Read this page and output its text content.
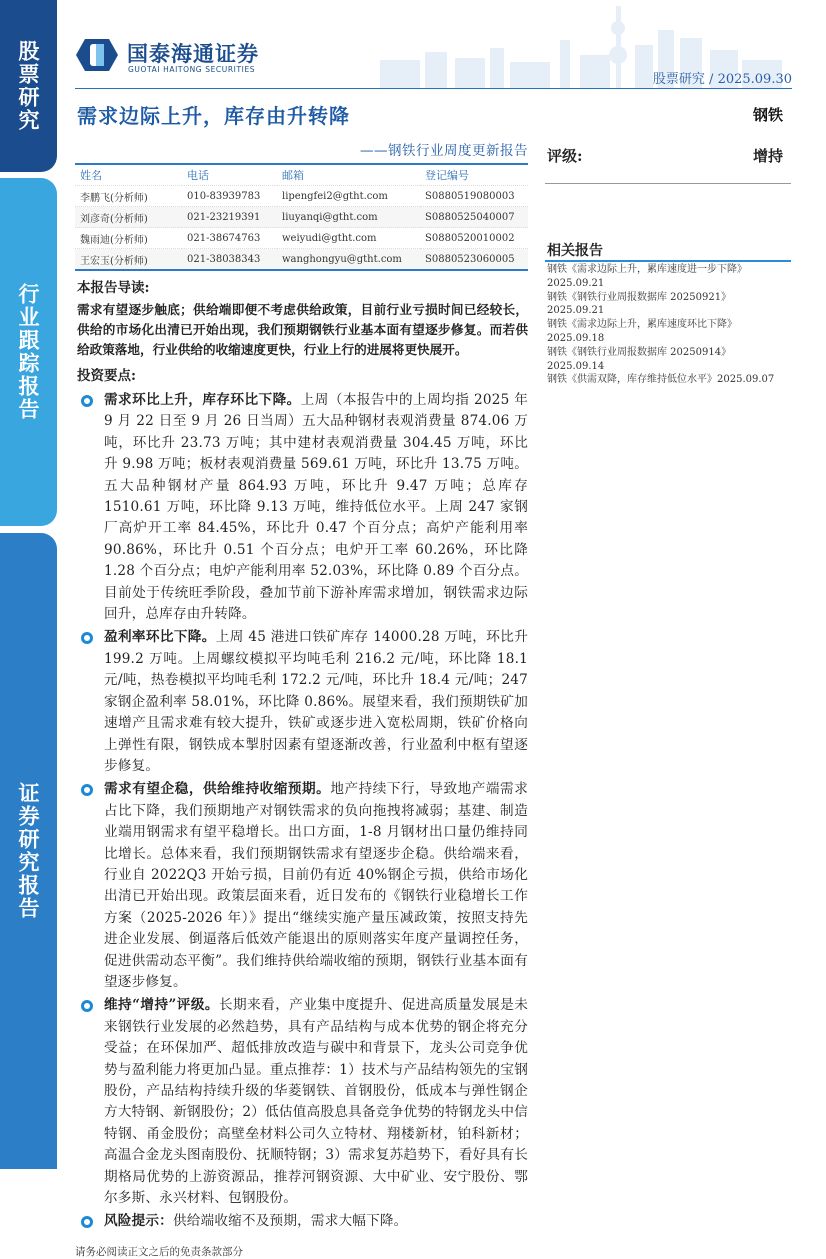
股票研究
行业跟踪报告
证券研究报告
国泰海通证券
GUOTAI HAITONG SECURITIES
股票研究 / 2025.09.30
需求边际上升，库存由升转降	钢铁
——钢铁行业周度更新报告 评级:	增持
姓名	电话	邮箱	登记编号
李鹏飞(分析师)	010-83939783	lipengfei2@gtht.com	S0880519080003
刘彦奇(分析师)	021-23219391	liuyanqi@gtht.com	S0880525040007
魏雨迪(分析师)	021-38674763	weiyudi@gtht.com	S0880520010002
王宏玉(分析师)	021-38038343	wanghongyu@gtht.com	S0880523060005 相关报告
钢铁《需求边际上升，累库速度进一步下降》
2025.09.21
钢铁《钢铁行业周报数据库 20250921》
2025.09.21
钢铁《需求边际上升，累库速度环比下降》
2025.09.18
钢铁《钢铁行业周报数据库 20250914》
2025.09.14
钢铁《供需双降，库存维持低位水平》2025.09.07
本报告导读:
需求有望逐步触底；供给端即便不考虑供给政策，目前行业亏损时间已经较长，供给的市场化出清已开始出现，我们预期钢铁行业基本面有望逐步修复。而若供给政策落地，行业供给的收缩速度更快，行业上行的进展将更快展开。
投资要点:
需求环比上升，库存环比下降。上周（本报告中的上周均指 2025 年 9 月 22 日至 9 月 26 日当周）五大品种钢材表观消费量 874.06 万吨，环比升 23.73 万吨；其中建材表观消费量 304.45 万吨，环比升 9.98 万吨；板材表观消费量 569.61 万吨，环比升 13.75 万吨。五大品种钢材产量 864.93 万吨，环比升 9.47 万吨；总库存 1510.61 万吨，环比降 9.13 万吨，维持低位水平。上周 247 家钢厂高炉开工率 84.45%，环比升 0.47 个百分点；高炉产能利用率 90.86%，环比升 0.51 个百分点；电炉开工率 60.26%，环比降 1.28 个百分点；电炉产能利用率 52.03%，环比降 0.89 个百分点。目前处于传统旺季阶段，叠加节前下游补库需求增加，钢铁需求边际回升，总库存由升转降。
盈利率环比下降。上周 45 港进口铁矿库存 14000.28 万吨，环比升 199.2 万吨。上周螺纹模拟平均吨毛利 216.2 元/吨，环比降 18.1 元/吨，热卷模拟平均吨毛利 172.2 元/吨，环比升 18.4 元/吨；247 家钢企盈利率 58.01%，环比降 0.86%。展望来看，我们预期铁矿加速增产且需求难有较大提升，铁矿或逐步进入宽松周期，铁矿价格向上弹性有限，钢铁成本掣肘因素有望逐渐改善，行业盈利中枢有望逐步修复。
需求有望企稳，供给维持收缩预期。地产持续下行，导致地产端需求占比下降，我们预期地产对钢铁需求的负向拖拽将减弱；基建、制造业端用钢需求有望平稳增长。出口方面，1-8 月钢材出口量仍维持同比增长。总体来看，我们预期钢铁需求有望逐步企稳。供给端来看，行业自 2022Q3 开始亏损，目前仍有近 40%钢企亏损，供给市场化出清已开始出现。政策层面来看，近日发布的《钢铁行业稳增长工作方案（2025-2026 年）》提出“继续实施产量压减政策，按照支持先进企业发展、倒逼落后低效产能退出的原则落实年度产量调控任务，促进供需动态平衡”。我们维持供给端收缩的预期，钢铁行业基本面有望逐步修复。
维持“增持”评级。长期来看，产业集中度提升、促进高质量发展是未来钢铁行业发展的必然趋势，具有产品结构与成本优势的钢企将充分受益；在环保加严、超低排放改造与碳中和背景下，龙头公司竞争优势与盈利能力将更加凸显。重点推荐：1）技术与产品结构领先的宝钢股份，产品结构持续升级的华菱钢铁、首钢股份，低成本与弹性钢企方大特钢、新钢股份；2）低估值高股息具备竞争优势的特钢龙头中信特钢、甬金股份；高壁垒材料公司久立特材、翔楼新材，铂科新材；高温合金龙头图南股份、抚顺特钢；3）需求复苏趋势下，看好具有长期格局优势的上游资源品，推荐河钢资源、大中矿业、安宁股份、鄂尔多斯、永兴材料、包钢股份。
风险提示：供给端收缩不及预期，需求大幅下降。
请务必阅读正文之后的免责条款部分
